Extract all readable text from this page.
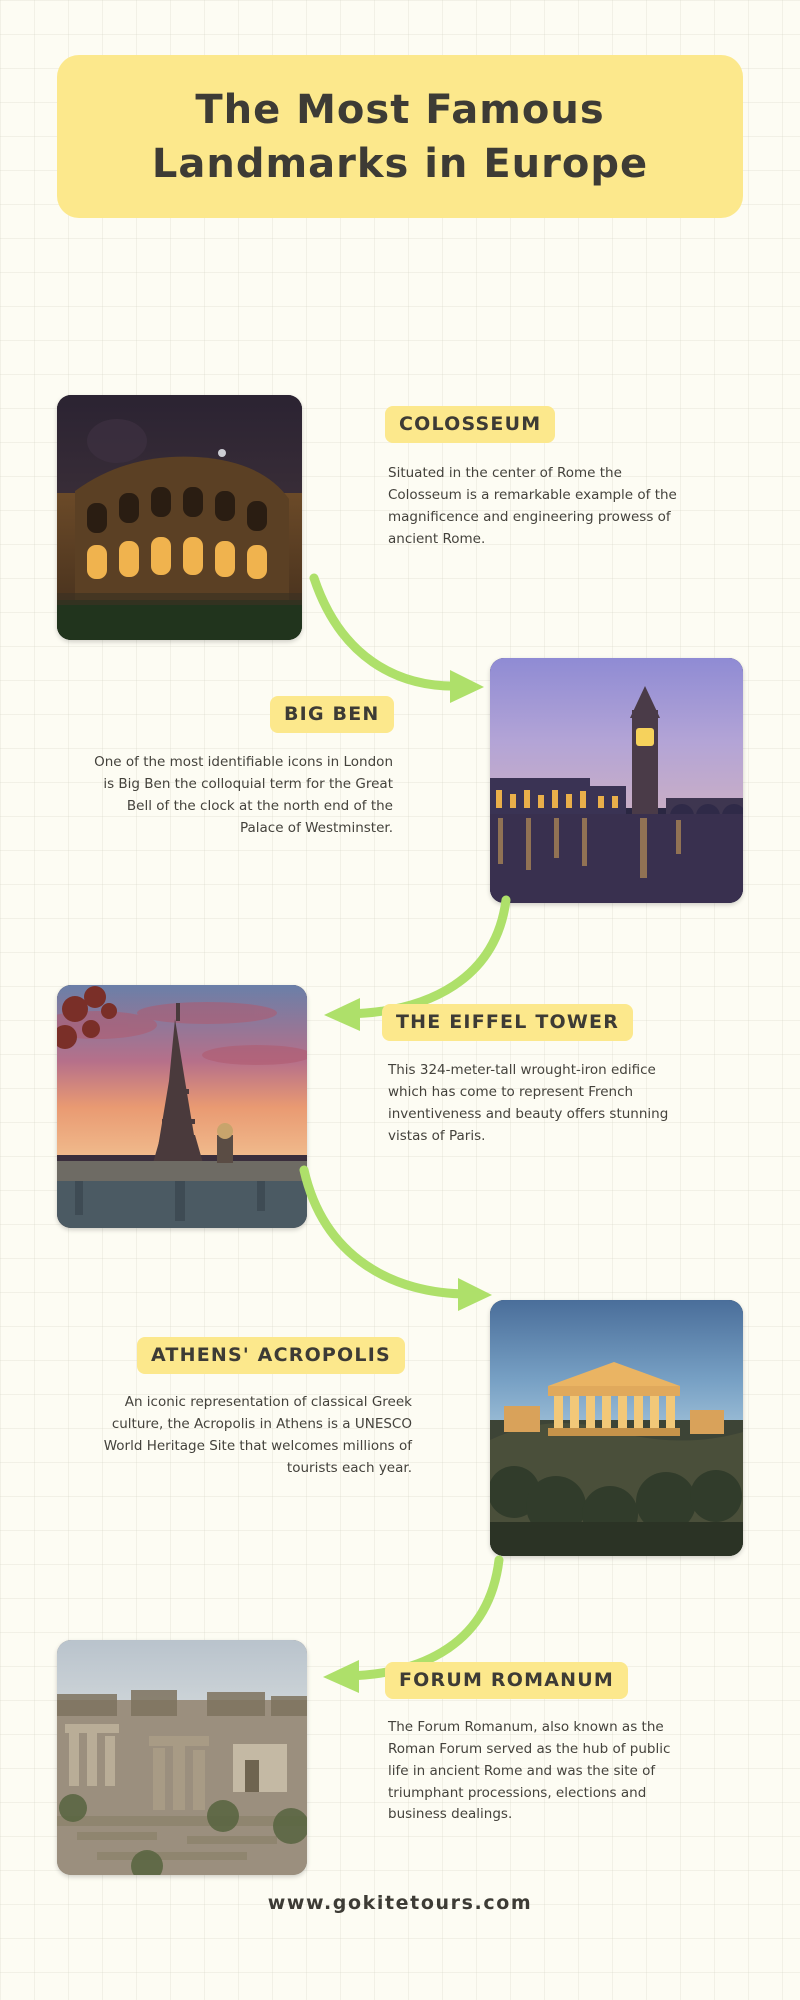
The Most Famous Landmarks in Europe
COLOSSEUM
Situated in the center of Rome the Colosseum is a remarkable example of the magnificence and engineering prowess of ancient Rome.
BIG BEN
One of the most identifiable icons in London is Big Ben the colloquial term for the Great Bell of the clock at the north end of the Palace of Westminster.
THE EIFFEL TOWER
This 324-meter-tall wrought-iron edifice which has come to represent French inventiveness and beauty offers stunning vistas of Paris.
ATHENS' ACROPOLIS
An iconic representation of classical Greek culture, the Acropolis in Athens is a UNESCO World Heritage Site that welcomes millions of tourists each year.
FORUM ROMANUM
The Forum Romanum, also known as the Roman Forum served as the hub of public life in ancient Rome and was the site of triumphant processions, elections and business dealings.
www.gokitetours.com
